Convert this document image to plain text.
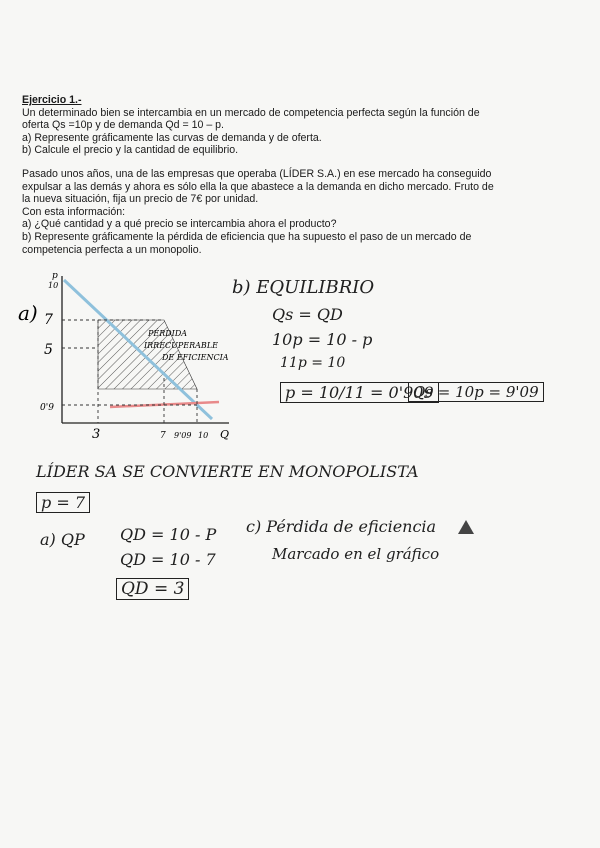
Ejercicio 1.-

Un determinado bien se intercambia en un mercado de competencia perfecta según la función de

oferta Qs =10p y de demanda Qd = 10 – p.

a) Represente gráficamente las curvas de demanda y de oferta.

b) Calcule el precio y la cantidad de equilibrio.

Pasado unos años, una de las empresas que operaba (LÍDER S.A.) en ese mercado ha conseguido

expulsar a las demás y ahora es sólo ella la que abastece a la demanda en dicho mercado. Fruto de

la nueva situación, fija un precio de 7€ por unidad.

Con esta información:

a) ¿Qué cantidad y a qué precio se intercambia ahora el producto?

b) Represente gráficamente la pérdida de eficiencia que ha supuesto el paso de un mercado de

competencia perfecta a un monopolio.

a)
p
10
7
5
0'9
3	7 9'09 10 Q
PÉRDIDA
IRRECUPERABLE
DE EFICIENCIA
b) EQUILIBRIO
Qs = QD
10p = 10 - p
11p = 10
p = 10/11 = 0'909
Qs = 10p = 9'09
LÍDER SA SE CONVIERTE EN MONOPOLISTA
p = 7
a) QP QD = 10 - P
QD = 10 - 7
QD = 3
c) Pérdida de eficiencia
Marcado en el gráfico
